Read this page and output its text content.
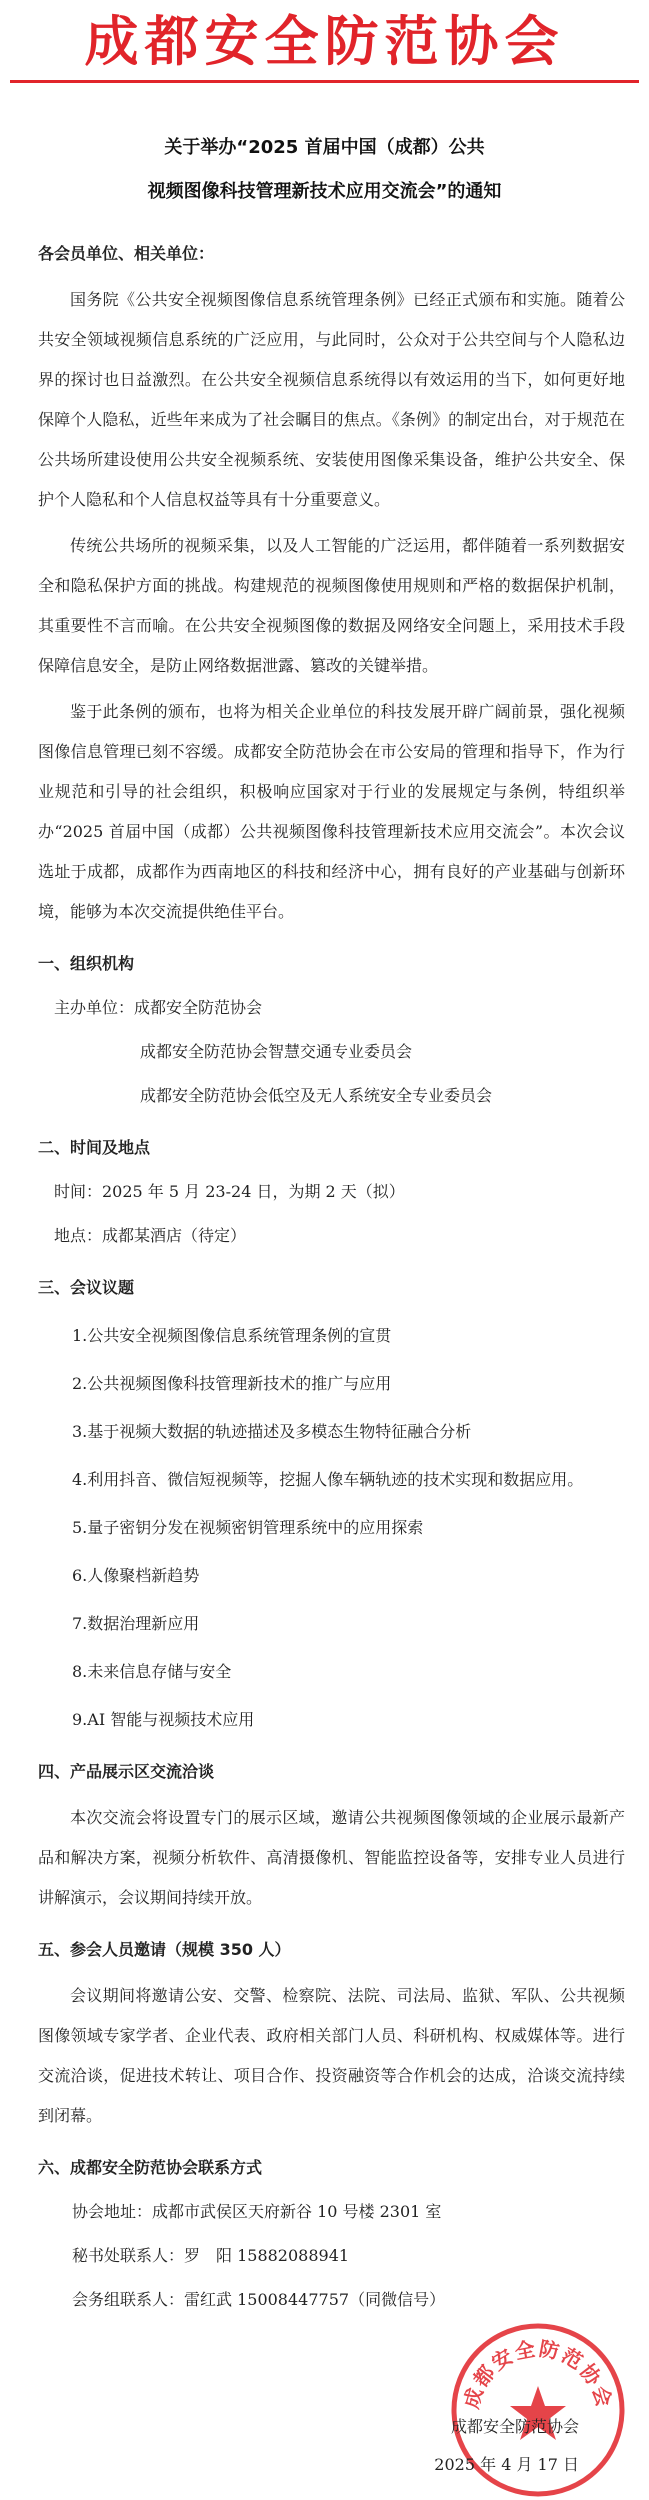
成都安全防范协会
关于举办“2025 首届中国（成都）公共
视频图像科技管理新技术应用交流会”的通知
各会员单位、相关单位：

国务院《公共安全视频图像信息系统管理条例》已经正式颁布和实施。随着公共安全领域视频信息系统的广泛应用，与此同时，公众对于公共空间与个人隐私边界的探讨也日益激烈。在公共安全视频信息系统得以有效运用的当下，如何更好地保障个人隐私，近些年来成为了社会瞩目的焦点。《条例》的制定出台，对于规范在公共场所建设使用公共安全视频系统、安装使用图像采集设备，维护公共安全、保护个人隐私和个人信息权益等具有十分重要意义。

传统公共场所的视频采集，以及人工智能的广泛运用，都伴随着一系列数据安全和隐私保护方面的挑战。构建规范的视频图像使用规则和严格的数据保护机制，其重要性不言而喻。在公共安全视频图像的数据及网络安全问题上，采用技术手段保障信息安全，是防止网络数据泄露、篡改的关键举措。

鉴于此条例的颁布，也将为相关企业单位的科技发展开辟广阔前景，强化视频图像信息管理已刻不容缓。成都安全防范协会在市公安局的管理和指导下，作为行业规范和引导的社会组织，积极响应国家对于行业的发展规定与条例，特组织举办“2025 首届中国（成都）公共视频图像科技管理新技术应用交流会”。本次会议选址于成都，成都作为西南地区的科技和经济中心，拥有良好的产业基础与创新环境，能够为本次交流提供绝佳平台。

一、组织机构
主办单位：成都安全防范协会
成都安全防范协会智慧交通专业委员会
成都安全防范协会低空及无人系统安全专业委员会
二、时间及地点
时间：2025 年 5 月 23-24 日，为期 2 天（拟）
地点：成都某酒店（待定）
三、会议议题
1.公共安全视频图像信息系统管理条例的宣贯
2.公共视频图像科技管理新技术的推广与应用
3.基于视频大数据的轨迹描述及多模态生物特征融合分析
4.利用抖音、微信短视频等，挖掘人像车辆轨迹的技术实现和数据应用。
5.量子密钥分发在视频密钥管理系统中的应用探索
6.人像聚档新趋势
7.数据治理新应用
8.未来信息存储与安全
9.AI 智能与视频技术应用
四、产品展示区交流洽谈

本次交流会将设置专门的展示区域，邀请公共视频图像领域的企业展示最新产品和解决方案，视频分析软件、高清摄像机、智能监控设备等，安排专业人员进行讲解演示，会议期间持续开放。

五、参会人员邀请（规模 350 人）

会议期间将邀请公安、交警、检察院、法院、司法局、监狱、军队、公共视频图像领域专家学者、企业代表、政府相关部门人员、科研机构、权威媒体等。进行交流洽谈，促进技术转让、项目合作、投资融资等合作机会的达成，洽谈交流持续到闭幕。

六、成都安全防范协会联系方式
协会地址：成都市武侯区天府新谷 10 号楼 2301 室
秘书处联系人：罗　阳 15882088941
会务组联系人：雷红武 15008447757（同微信号）
成都安全防范协会
成都安全防范协会
2025 年 4 月 17 日
